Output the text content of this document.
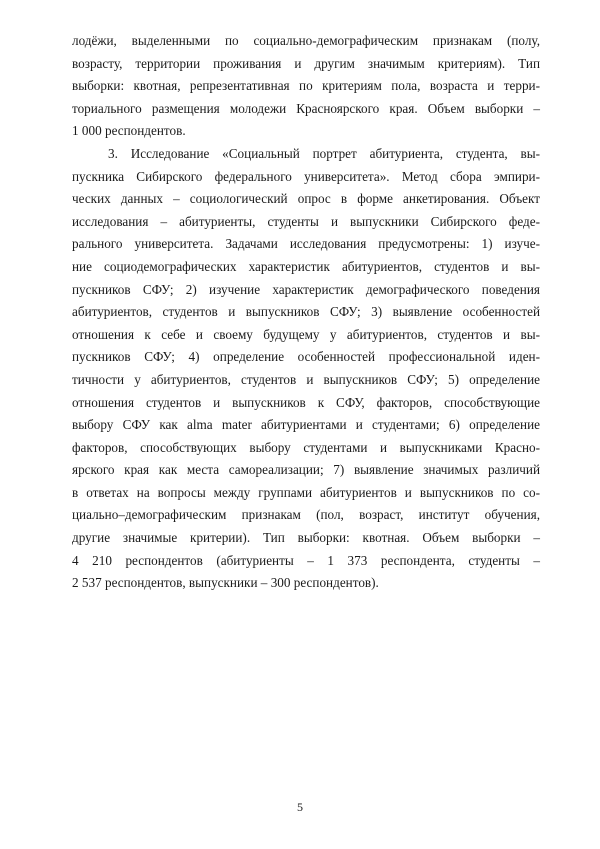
лодёжи, выделенными по социально-демографическим признакам (полу,
возрасту, территории проживания и другим значимым критериям). Тип
выборки: квотная, репрезентативная по критериям пола, возраста и терри-
ториального размещения молодежи Красноярского края. Объем выборки –
1 000 респондентов.
3. Исследование «Социальный портрет абитуриента, студента, вы-
пускника Сибирского федерального университета». Метод сбора эмпири-
ческих данных – социологический опрос в форме анкетирования. Объект
исследования – абитуриенты, студенты и выпускники Сибирского феде-
рального университета. Задачами исследования предусмотрены: 1) изуче-
ние социодемографических характеристик абитуриентов, студентов и вы-
пускников СФУ; 2) изучение характеристик демографического поведения
абитуриентов, студентов и выпускников СФУ; 3) выявление особенностей
отношения к себе и своему будущему у абитуриентов, студентов и вы-
пускников СФУ; 4) определение особенностей профессиональной иден-
тичности у абитуриентов, студентов и выпускников СФУ; 5) определение
отношения студентов и выпускников к СФУ, факторов, способствующие
выбору СФУ как alma mater абитуриентами и студентами; 6) определение
факторов, способствующих выбору студентами и выпускниками Красно-
ярского края как места самореализации; 7) выявление значимых различий
в ответах на вопросы между группами абитуриентов и выпускников по со-
циально–демографическим признакам (пол, возраст, институт обучения,
другие значимые критерии). Тип выборки: квотная. Объем выборки –
4 210 респондентов (абитуриенты – 1 373 респондента, студенты –
2 537 респондентов, выпускники – 300 респондентов).
5
